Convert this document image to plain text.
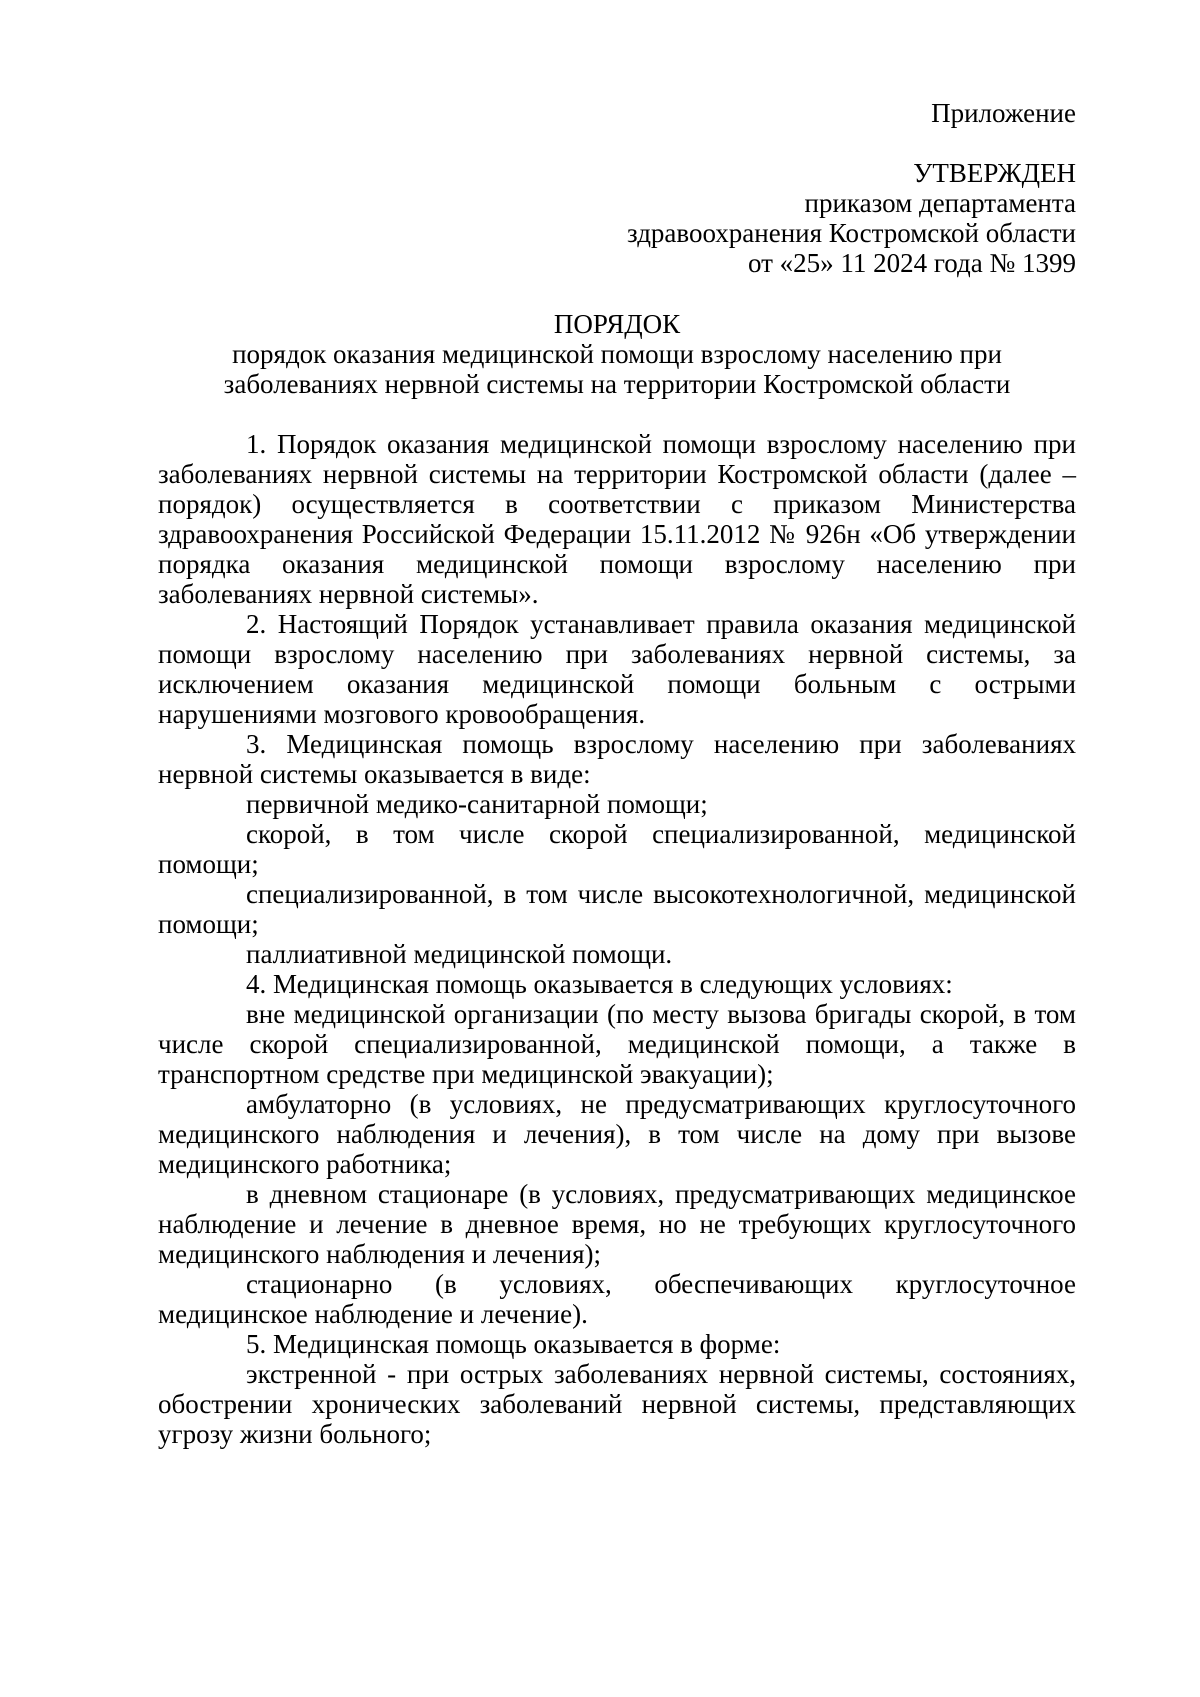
Приложение

УТВЕРЖДЕН

приказом департамента

здравоохранения Костромской области

от «25» 11 2024 года № 1399

ПОРЯДОК

порядок оказания медицинской помощи взрослому населению при

заболеваниях нервной системы на территории Костромской области

1. Порядок оказания медицинской помощи взрослому населению при заболеваниях нервной системы на территории Костромской области (далее – порядок) осуществляется в соответствии с приказом Министерства здравоохранения Российской Федерации 15.11.2012 № 926н «Об утверждении порядка оказания медицинской помощи взрослому населению при заболеваниях нервной системы».

2. Настоящий Порядок устанавливает правила оказания медицинской помощи взрослому населению при заболеваниях нервной системы, за исключением оказания медицинской помощи больным с острыми нарушениями мозгового кровообращения.

3. Медицинская помощь взрослому населению при заболеваниях нервной системы оказывается в виде:

первичной медико-санитарной помощи;

скорой, в том числе скорой специализированной, медицинской помощи;

специализированной, в том числе высокотехнологичной, медицинской помощи;

паллиативной медицинской помощи.

4. Медицинская помощь оказывается в следующих условиях:

вне медицинской организации (по месту вызова бригады скорой, в том числе скорой специализированной, медицинской помощи, а также в транспортном средстве при медицинской эвакуации);

амбулаторно (в условиях, не предусматривающих круглосуточного медицинского наблюдения и лечения), в том числе на дому при вызове медицинского работника;

в дневном стационаре (в условиях, предусматривающих медицинское наблюдение и лечение в дневное время, но не требующих круглосуточного медицинского наблюдения и лечения);

стационарно (в условиях, обеспечивающих круглосуточное медицинское наблюдение и лечение).

5. Медицинская помощь оказывается в форме:

экстренной - при острых заболеваниях нервной системы, состояниях, обострении хронических заболеваний нервной системы, представляющих угрозу жизни больного;
